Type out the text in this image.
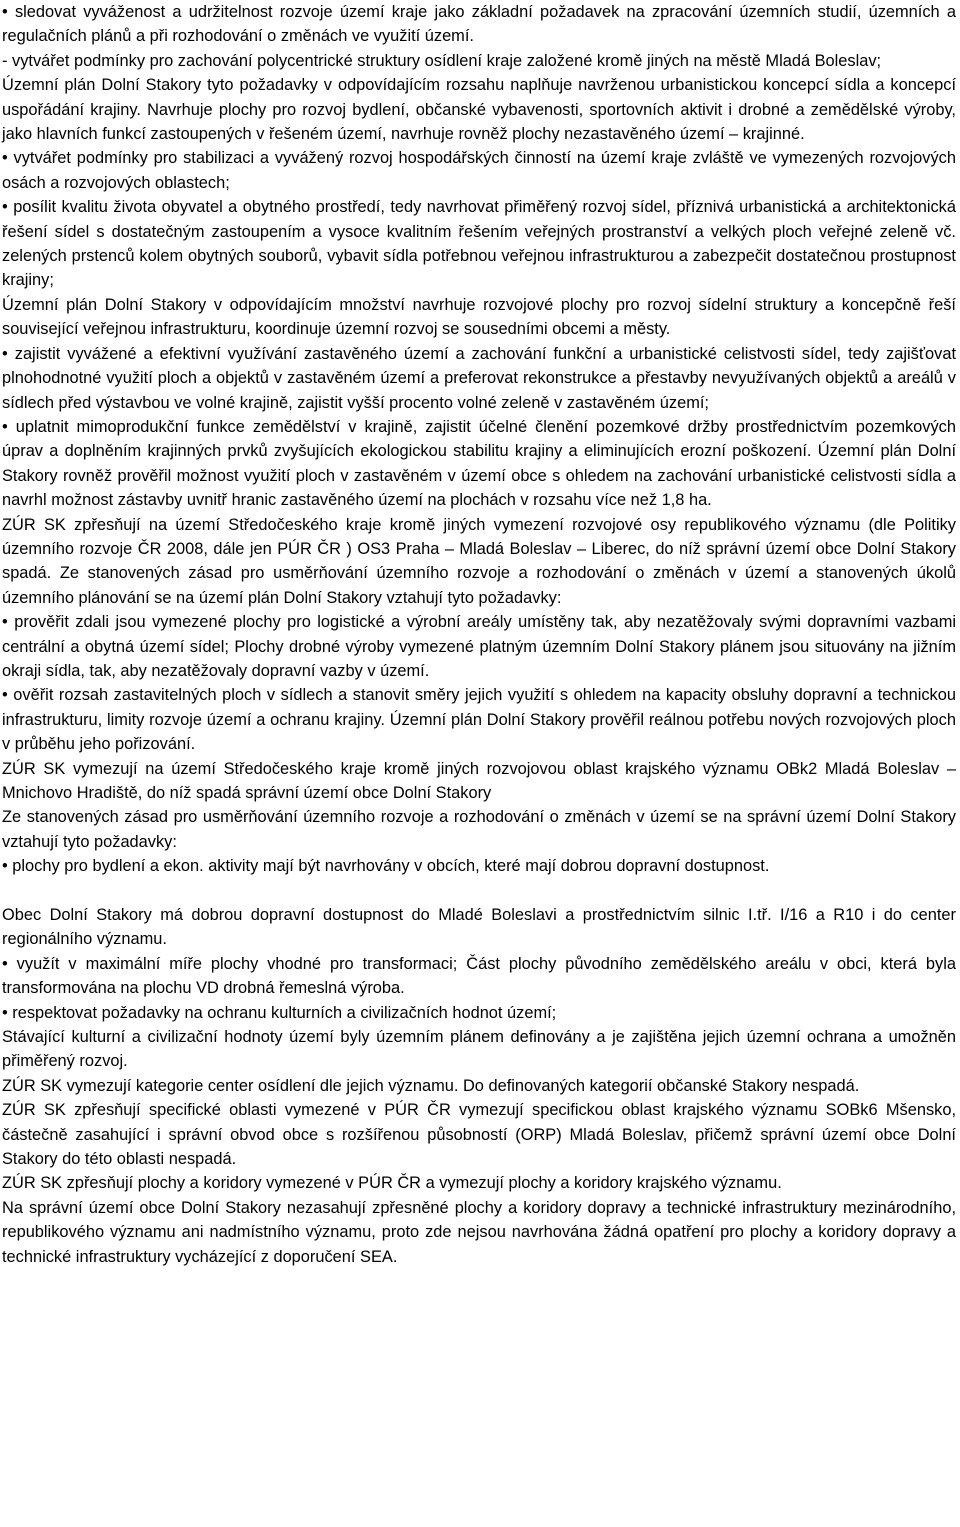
• sledovat vyváženost a udržitelnost rozvoje území kraje jako základní požadavek na zpracování územních studií, územních a regulačních plánů a při rozhodování o změnách ve využití území.

- vytvářet podmínky pro zachování polycentrické struktury osídlení kraje založené kromě jiných na městě Mladá Boleslav;

Územní plán Dolní Stakory tyto požadavky v odpovídajícím rozsahu naplňuje navrženou urbanistickou koncepcí sídla a koncepcí uspořádání krajiny. Navrhuje plochy pro rozvoj bydlení, občanské vybavenosti, sportovních aktivit i drobné a zemědělské výroby, jako hlavních funkcí zastoupených v řešeném území, navrhuje rovněž plochy nezastavěného území – krajinné.

• vytvářet podmínky pro stabilizaci a vyvážený rozvoj hospodářských činností na území kraje zvláště ve vymezených rozvojových osách a rozvojových oblastech;

• posílit kvalitu života obyvatel a obytného prostředí, tedy navrhovat přiměřený rozvoj sídel, příznivá urbanistická a architektonická řešení sídel s dostatečným zastoupením a vysoce kvalitním řešením veřejných prostranství a velkých ploch veřejné zeleně vč. zelených prstenců kolem obytných souborů, vybavit sídla potřebnou veřejnou infrastrukturou a zabezpečit dostatečnou prostupnost krajiny;

Územní plán Dolní Stakory v odpovídajícím množství navrhuje rozvojové plochy pro rozvoj sídelní struktury a koncepčně řeší související veřejnou infrastrukturu, koordinuje územní rozvoj se sousedními obcemi a městy.

• zajistit vyvážené a efektivní využívání zastavěného území a zachování funkční a urbanistické celistvosti sídel, tedy zajišťovat plnohodnotné využití ploch a objektů v zastavěném území a preferovat rekonstrukce a přestavby nevyužívaných objektů a areálů v sídlech před výstavbou ve volné krajině, zajistit vyšší procento volné zeleně v zastavěném území;

• uplatnit mimoprodukční funkce zemědělství v krajině, zajistit účelné členění pozemkové držby prostřednictvím pozemkových úprav a doplněním krajinných prvků zvyšujících ekologickou stabilitu krajiny a eliminujících erozní poškození. Územní plán Dolní Stakory rovněž prověřil možnost využití ploch v zastavěném v území obce s ohledem na zachování urbanistické celistvosti sídla a navrhl možnost zástavby uvnitř hranic zastavěného území na plochách v rozsahu více než 1,8 ha.

ZÚR SK zpřesňují na území Středočeského kraje kromě jiných vymezení rozvojové osy republikového významu (dle Politiky územního rozvoje ČR 2008, dále jen PÚR ČR ) OS3 Praha – Mladá Boleslav – Liberec, do níž správní území obce Dolní Stakory spadá. Ze stanovených zásad pro usměrňování územního rozvoje a rozhodování o změnách v území a stanovených úkolů územního plánování se na území plán Dolní Stakory vztahují tyto požadavky:

• prověřit zdali jsou vymezené plochy pro logistické a výrobní areály umístěny tak, aby nezatěžovaly svými dopravními vazbami centrální a obytná území sídel; Plochy drobné výroby vymezené platným územním Dolní Stakory plánem jsou situovány na jižním okraji sídla, tak, aby nezatěžovaly dopravní vazby v území.

• ověřit rozsah zastavitelných ploch v sídlech a stanovit směry jejich využití s ohledem na kapacity obsluhy dopravní a technickou infrastrukturu, limity rozvoje území a ochranu krajiny. Územní plán Dolní Stakory prověřil reálnou potřebu nových rozvojových ploch v průběhu jeho pořizování.

ZÚR SK vymezují na území Středočeského kraje kromě jiných rozvojovou oblast krajského významu OBk2 Mladá Boleslav – Mnichovo Hradiště, do níž spadá správní území obce Dolní Stakory

Ze stanovených zásad pro usměrňování územního rozvoje a rozhodování o změnách v území se na správní území Dolní Stakory vztahují tyto požadavky:

• plochy pro bydlení a ekon. aktivity mají být navrhovány v obcích, které mají dobrou dopravní dostupnost.

Obec Dolní Stakory má dobrou dopravní dostupnost do Mladé Boleslavi a prostřednictvím silnic I.tř. I/16 a R10 i do center regionálního významu.

• využít v maximální míře plochy vhodné pro transformaci; Část plochy původního zemědělského areálu v obci, která byla transformována na plochu VD drobná řemeslná výroba.

• respektovat požadavky na ochranu kulturních a civilizačních hodnot území;

Stávající kulturní a civilizační hodnoty území byly územním plánem definovány a je zajištěna jejich územní ochrana a umožněn přiměřený rozvoj.

ZÚR SK vymezují kategorie center osídlení dle jejich významu. Do definovaných kategorií občanské Stakory nespadá.

ZÚR SK zpřesňují specifické oblasti vymezené v PÚR ČR vymezují specifickou oblast krajského významu SOBk6 Mšensko, částečně zasahující i správní obvod obce s rozšířenou působností (ORP) Mladá Boleslav, přičemž správní území obce Dolní Stakory do této oblasti nespadá.

ZÚR SK zpřesňují plochy a koridory vymezené v PÚR ČR a vymezují plochy a koridory krajského významu.

Na správní území obce Dolní Stakory nezasahují zpřesněné plochy a koridory dopravy a technické infrastruktury mezinárodního, republikového významu ani nadmístního významu, proto zde nejsou navrhována žádná opatření pro plochy a koridory dopravy a technické infrastruktury vycházející z doporučení SEA.
